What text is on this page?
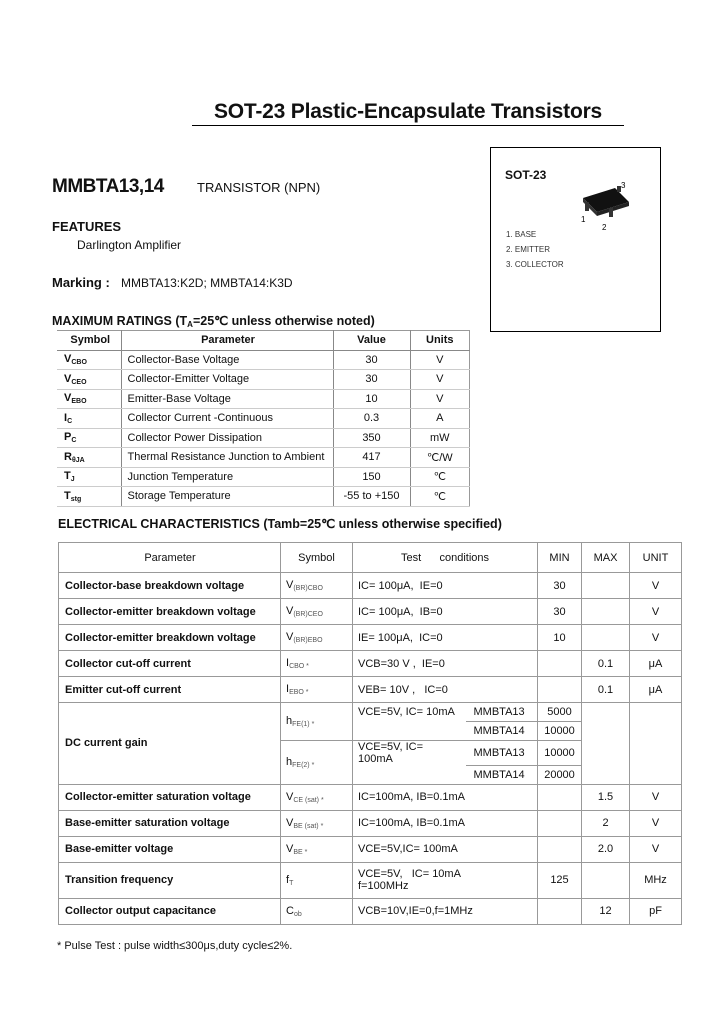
SOT-23 Plastic-Encapsulate Transistors
MMBTA13,14	TRANSISTOR (NPN)
FEATURES
Darlington Amplifier
Marking : MMBTA13:K2D; MMBTA14:K3D
SOT-23
1
2
3
1. BASE
2. EMITTER
3. COLLECTOR
MAXIMUM RATINGS ($T_A=25℃$ unless otherwise noted)
Symbol	Parameter	Value	Units
$V_{CBO}$	Collector-Base Voltage	30	V
$V_{CEO}$	Collector-Emitter Voltage	30	V
$V_{EBO}$	Emitter-Base Voltage	10	V
$I_C$	Collector Current -Continuous	0.3	A
$P_C$	Collector Power Dissipation	350	mW
$R_{\theta JA}$	Thermal Resistance Junction to Ambient	417	℃/W
$T_J$	Junction Temperature	150	℃
$T_{stg}$	Storage Temperature	-55 to +150	℃
ELECTRICAL CHARACTERISTICS (Tamb=25℃ unless otherwise specified)
Parameter	Symbol	Test      conditions		MIN	MAX	UNIT
Collector-base breakdown voltage	V(BR)CBO	IC= 100μA,  IE=0		30		V
Collector-emitter breakdown voltage	V(BR)CEO	IC= 100μA,  IB=0		30		V
Collector-emitter breakdown voltage	V(BR)EBO	IE= 100μA,  IC=0		10		V
Collector cut-off current	ICBO *	VCB=30 V ,  IE=0			0.1	μA
Emitter cut-off current	IEBO *	VEB= 10V ,   IC=0			0.1	μA
DC current gain	hFE(1) *	VCE=5V, IC= 10mA	MMBTA13	5000		
			MMBTA14	10000		
	hFE(2) *	VCE=5V, IC= 100mA	MMBTA13	10000		
			MMBTA14	20000		
Collector-emitter saturation voltage	VCE (sat) *	IC=100mA, IB=0.1mA			1.5	V
Base-emitter saturation voltage	VBE (sat) *	IC=100mA, IB=0.1mA			2	V
Base-emitter voltage	VBE *	VCE=5V,IC= 100mA			2.0	V
Transition frequency	fT	VCE=5V,   IC= 10mA
f=100MHz		125		MHz
Collector output capacitance	Cob	VCB=10V,IE=0,f=1MHz			12	pF
* Pulse Test : pulse width≤300μs,duty cycle≤2%.
